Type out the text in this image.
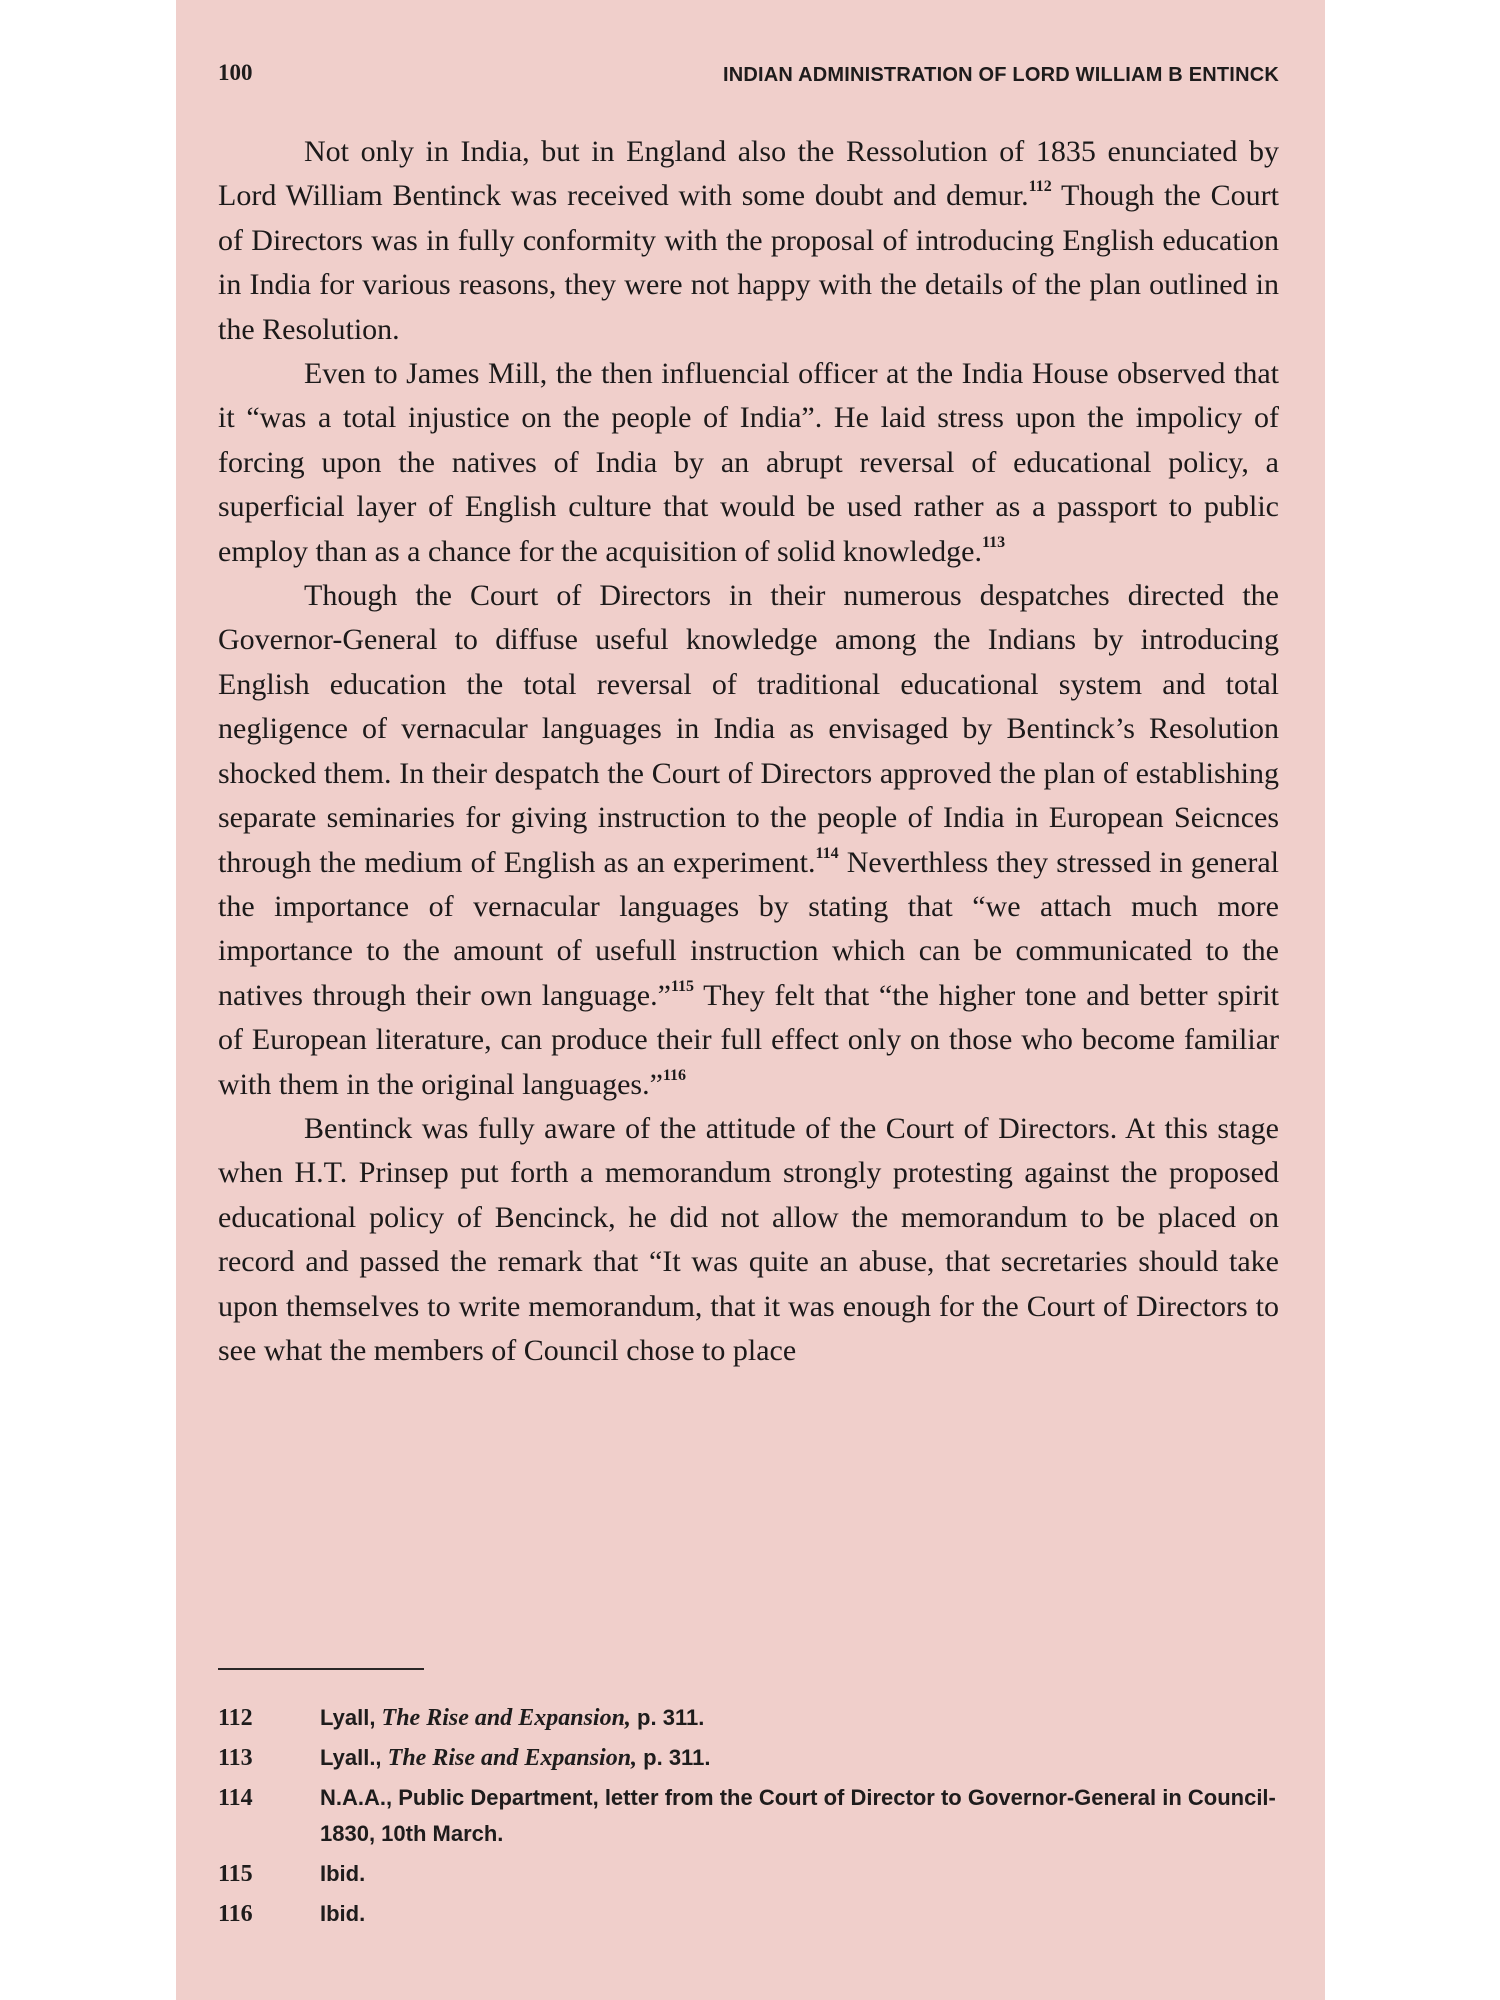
100	INDIAN ADMINISTRATION OF LORD WILLIAM B ENTINCK

Not only in India, but in England also the Ressolution of 1835 enunciated by Lord William Bentinck was received with some doubt and demur.$^{112}$ Though the Court of Directors was in fully conformity with the proposal of introducing English education in India for various reasons, they were not happy with the details of the plan outlined in the Resolution.

Even to James Mill, the then influencial officer at the India House observed that it “was a total injustice on the people of India”. He laid stress upon the impolicy of forcing upon the natives of India by an abrupt reversal of educational policy, a superficial layer of English culture that would be used rather as a passport to public employ than as a chance for the acquisition of solid knowledge.$^{113}$

Though the Court of Directors in their numerous despatches directed the Governor-General to diffuse useful knowledge among the Indians by introducing English education the total reversal of traditional educational system and total negligence of vernacular languages in India as envisaged by Bentinck’s Resolution shocked them. In their despatch the Court of Directors approved the plan of establishing separate seminaries for giving instruction to the people of India in European Seicnces through the medium of English as an experiment.$^{114}$ Neverthless they stressed in general the importance of vernacular languages by stating that “we attach much more importance to the amount of usefull instruction which can be communicated to the natives through their own language.”$^{115}$ They felt that “the higher tone and better spirit of European literature, can produce their full effect only on those who become familiar with them in the original languages.”$^{116}$

Bentinck was fully aware of the attitude of the Court of Directors. At this stage when H.T. Prinsep put forth a memorandum strongly protesting against the proposed educational policy of Bencinck, he did not allow the memorandum to be placed on record and passed the remark that “It was quite an abuse, that secretaries should take upon themselves to write memorandum, that it was enough for the Court of Directors to see what the members of Council chose to place

112	Lyall, The Rise and Expansion, p. 311.
113	Lyall., The Rise and Expansion, p. 311.
114	N.A.A., Public Department, letter from the Court of Director to Governor-General in Council-1830, 10th March.
115	Ibid.
116	Ibid.
